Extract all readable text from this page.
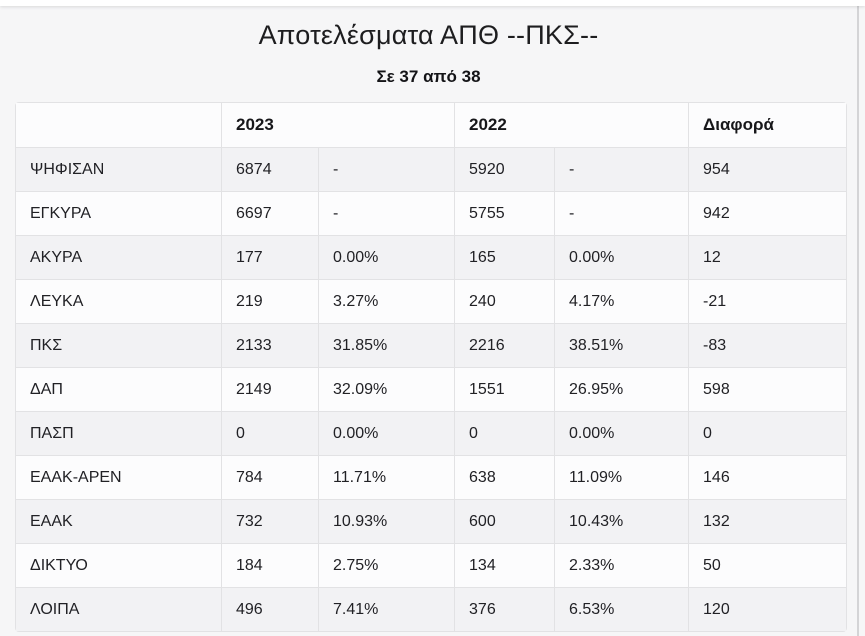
Αποτελέσματα ΑΠΘ --ΠΚΣ--
Σε 37 από 38
	2023		2022		Διαφορά
ΨΗΦΙΣΑΝ	6874	-	5920	-	954
ΕΓΚΥΡΑ	6697	-	5755	-	942
ΑΚΥΡΑ	177	0.00%	165	0.00%	12
ΛΕΥΚΑ	219	3.27%	240	4.17%	-21
ΠΚΣ	2133	31.85%	2216	38.51%	-83
ΔΑΠ	2149	32.09%	1551	26.95%	598
ΠΑΣΠ	0	0.00%	0	0.00%	0
ΕΑΑΚ-ΑΡΕΝ	784	11.71%	638	11.09%	146
ΕΑΑΚ	732	10.93%	600	10.43%	132
ΔΙΚΤΥΟ	184	2.75%	134	2.33%	50
ΛΟΙΠΑ	496	7.41%	376	6.53%	120
